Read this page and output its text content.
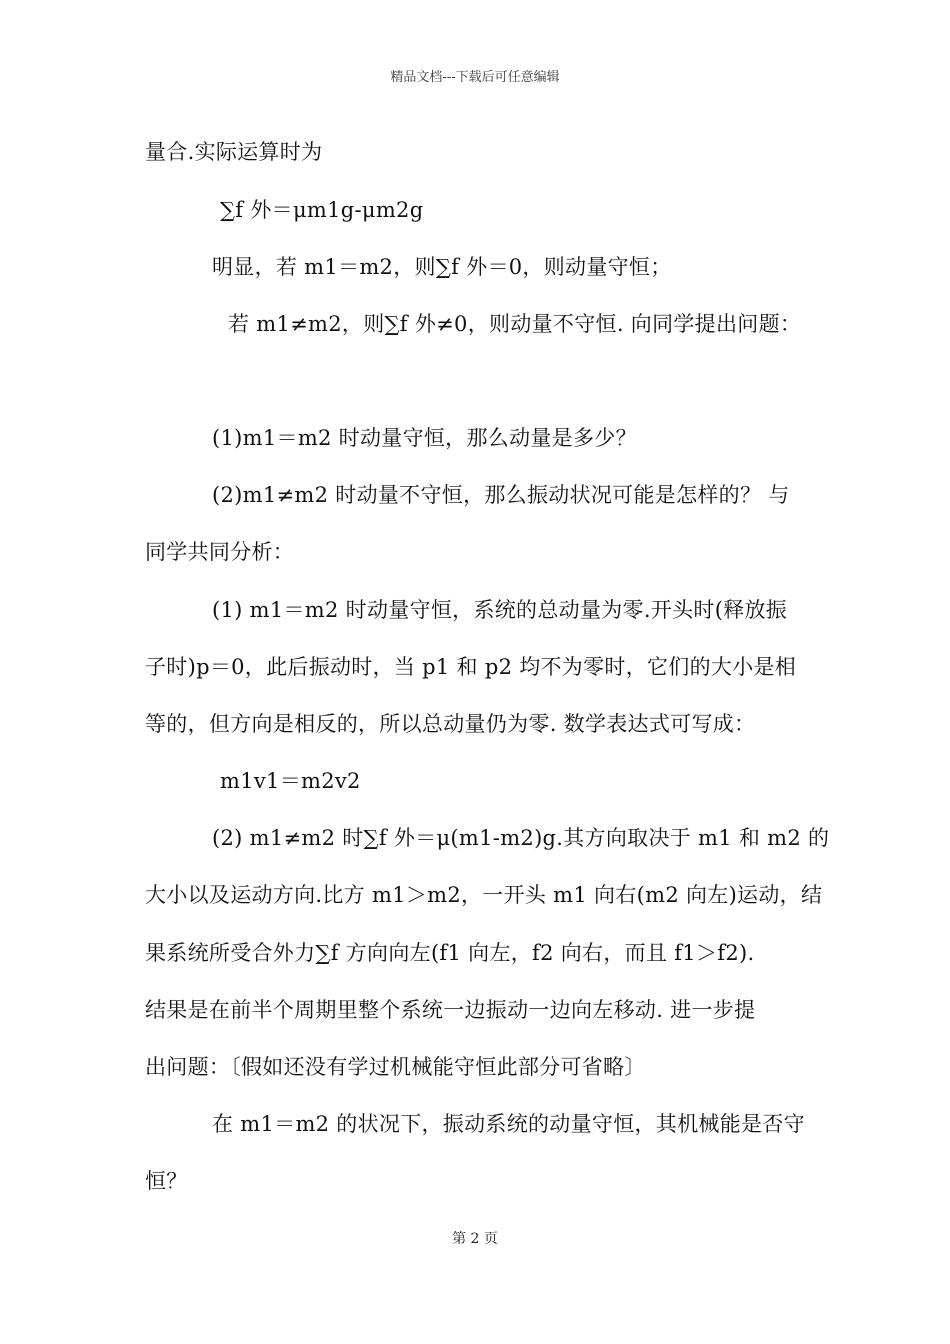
精品文档---下载后可任意编辑
量合.实际运算时为
∑f 外＝μm1g-μm2g
明显，若 m1＝m2，则∑f 外＝0，则动量守恒；
若 m1≠m2，则∑f 外≠0，则动量不守恒. 向同学提出问题：
(1)m1＝m2 时动量守恒，那么动量是多少？
(2)m1≠m2 时动量不守恒，那么振动状况可能是怎样的？ 与
同学共同分析：
(1) m1＝m2 时动量守恒，系统的总动量为零.开头时(释放振
子时)p＝0，此后振动时，当 p1 和 p2 均不为零时，它们的大小是相
等的，但方向是相反的，所以总动量仍为零. 数学表达式可写成：
m1v1＝m2v2
(2) m1≠m2 时∑f 外＝μ(m1-m2)g.其方向取决于 m1 和 m2 的
大小以及运动方向.比方 m1＞m2，一开头 m1 向右(m2 向左)运动，结
果系统所受合外力∑f 方向向左(f1 向左，f2 向右，而且 f1＞f2).
结果是在前半个周期里整个系统一边振动一边向左移动. 进一步提
出问题：〔假如还没有学过机械能守恒此部分可省略〕
在 m1＝m2 的状况下，振动系统的动量守恒，其机械能是否守
恒？
第 2 页
